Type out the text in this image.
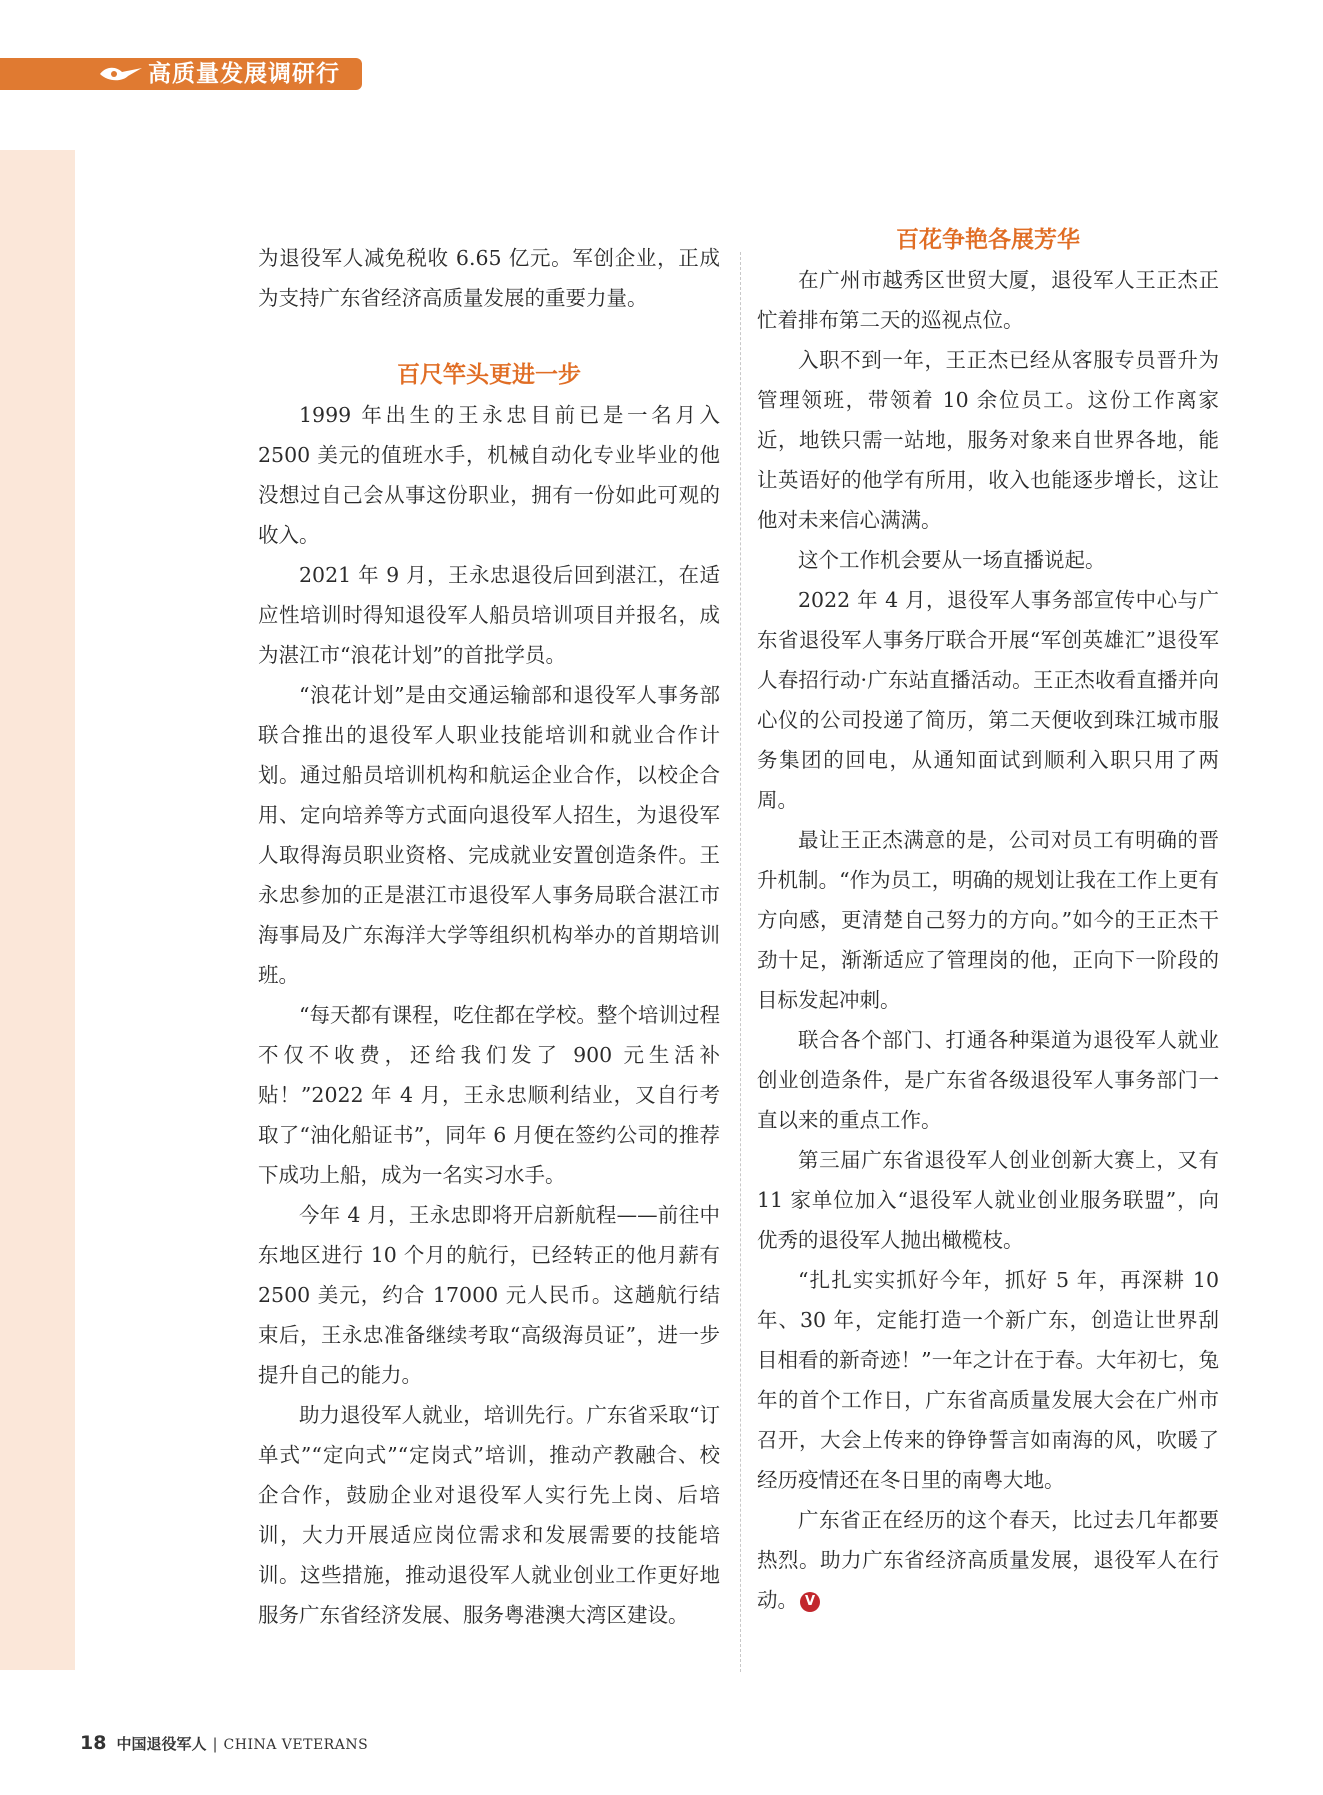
高质量发展调研行

为退役军人减免税收 6.65 亿元。军创企业，正成为支持广东省经济高质量发展的重要力量。

百尺竿头更进一步

1999 年出生的王永忠目前已是一名月入 2500 美元的值班水手，机械自动化专业毕业的他没想过自己会从事这份职业，拥有一份如此可观的收入。

2021 年 9 月，王永忠退役后回到湛江，在适应性培训时得知退役军人船员培训项目并报名，成为湛江市“浪花计划”的首批学员。

“浪花计划”是由交通运输部和退役军人事务部联合推出的退役军人职业技能培训和就业合作计划。通过船员培训机构和航运企业合作，以校企合用、定向培养等方式面向退役军人招生，为退役军人取得海员职业资格、完成就业安置创造条件。王永忠参加的正是湛江市退役军人事务局联合湛江市海事局及广东海洋大学等组织机构举办的首期培训班。

“每天都有课程，吃住都在学校。整个培训过程不仅不收费，还给我们发了 900 元生活补贴！”2022 年 4 月，王永忠顺利结业，又自行考取了“油化船证书”，同年 6 月便在签约公司的推荐下成功上船，成为一名实习水手。

今年 4 月，王永忠即将开启新航程——前往中东地区进行 10 个月的航行，已经转正的他月薪有 2500 美元，约合 17000 元人民币。这趟航行结束后，王永忠准备继续考取“高级海员证”，进一步提升自己的能力。

助力退役军人就业，培训先行。广东省采取“订单式”“定向式”“定岗式”培训，推动产教融合、校企合作，鼓励企业对退役军人实行先上岗、后培训，大力开展适应岗位需求和发展需要的技能培训。这些措施，推动退役军人就业创业工作更好地服务广东省经济发展、服务粤港澳大湾区建设。

百花争艳各展芳华

在广州市越秀区世贸大厦，退役军人王正杰正忙着排布第二天的巡视点位。

入职不到一年，王正杰已经从客服专员晋升为管理领班，带领着 10 余位员工。这份工作离家近，地铁只需一站地，服务对象来自世界各地，能让英语好的他学有所用，收入也能逐步增长，这让他对未来信心满满。

这个工作机会要从一场直播说起。

2022 年 4 月，退役军人事务部宣传中心与广东省退役军人事务厅联合开展“军创英雄汇”退役军人春招行动·广东站直播活动。王正杰收看直播并向心仪的公司投递了简历，第二天便收到珠江城市服务集团的回电，从通知面试到顺利入职只用了两周。

最让王正杰满意的是，公司对员工有明确的晋升机制。“作为员工，明确的规划让我在工作上更有方向感，更清楚自己努力的方向。”如今的王正杰干劲十足，渐渐适应了管理岗的他，正向下一阶段的目标发起冲刺。

联合各个部门、打通各种渠道为退役军人就业创业创造条件，是广东省各级退役军人事务部门一直以来的重点工作。

第三届广东省退役军人创业创新大赛上，又有 11 家单位加入“退役军人就业创业服务联盟”，向优秀的退役军人抛出橄榄枝。

“扎扎实实抓好今年，抓好 5 年，再深耕 10 年、30 年，定能打造一个新广东，创造让世界刮目相看的新奇迹！”一年之计在于春。大年初七，兔年的首个工作日，广东省高质量发展大会在广州市召开，大会上传来的铮铮誓言如南海的风，吹暖了经历疫情还在冬日里的南粤大地。

广东省正在经历的这个春天，比过去几年都要热烈。助力广东省经济高质量发展，退役军人在行动。 V

18 中国退役军人 | CHINA VETERANS
